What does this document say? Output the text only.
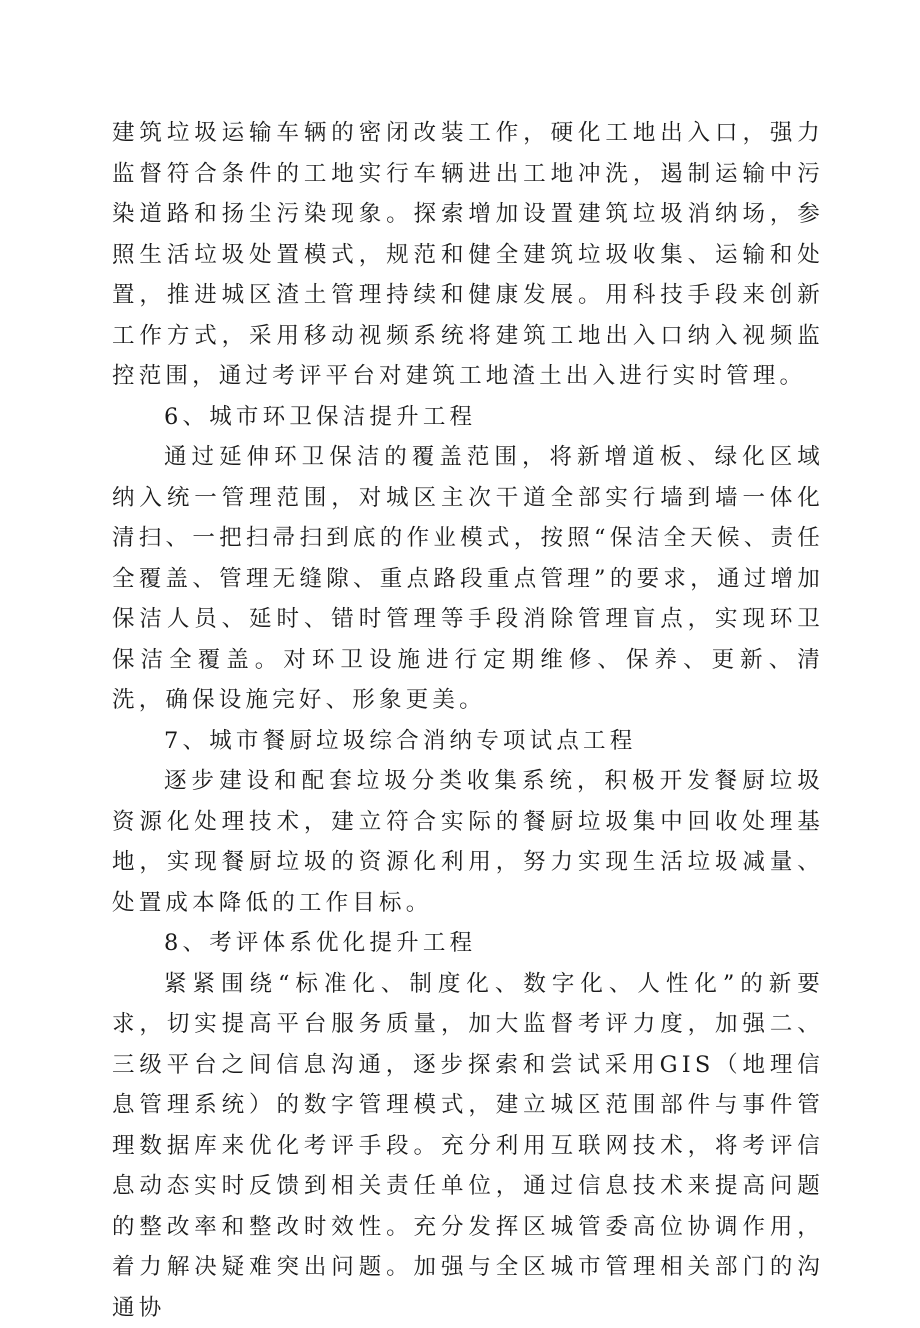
建筑垃圾运输车辆的密闭改装工作，硬化工地出入口，强力监督符合条件的工地实行车辆进出工地冲洗，遏制运输中污染道路和扬尘污染现象。探索增加设置建筑垃圾消纳场，参照生活垃圾处置模式，规范和健全建筑垃圾收集、运输和处置，推进城区渣土管理持续和健康发展。用科技手段来创新工作方式，采用移动视频系统将建筑工地出入口纳入视频监控范围，通过考评平台对建筑工地渣土出入进行实时管理。

6、城市环卫保洁提升工程

通过延伸环卫保洁的覆盖范围，将新增道板、绿化区域纳入统一管理范围，对城区主次干道全部实行墙到墙一体化清扫、一把扫帚扫到底的作业模式，按照“保洁全天候、责任全覆盖、管理无缝隙、重点路段重点管理”的要求，通过增加保洁人员、延时、错时管理等手段消除管理盲点，实现环卫保洁全覆盖。对环卫设施进行定期维修、保养、更新、清洗，确保设施完好、形象更美。

7、城市餐厨垃圾综合消纳专项试点工程

逐步建设和配套垃圾分类收集系统，积极开发餐厨垃圾资源化处理技术，建立符合实际的餐厨垃圾集中回收处理基地，实现餐厨垃圾的资源化利用，努力实现生活垃圾减量、处置成本降低的工作目标。

8、考评体系优化提升工程

紧紧围绕“标准化、制度化、数字化、人性化”的新要求，切实提高平台服务质量，加大监督考评力度，加强二、三级平台之间信息沟通，逐步探索和尝试采用GIS（地理信息管理系统）的数字管理模式，建立城区范围部件与事件管理数据库来优化考评手段。充分利用互联网技术，将考评信息动态实时反馈到相关责任单位，通过信息技术来提高问题的整改率和整改时效性。充分发挥区城管委高位协调作用，着力解决疑难突出问题。加强与全区城市管理相关部门的沟通协
